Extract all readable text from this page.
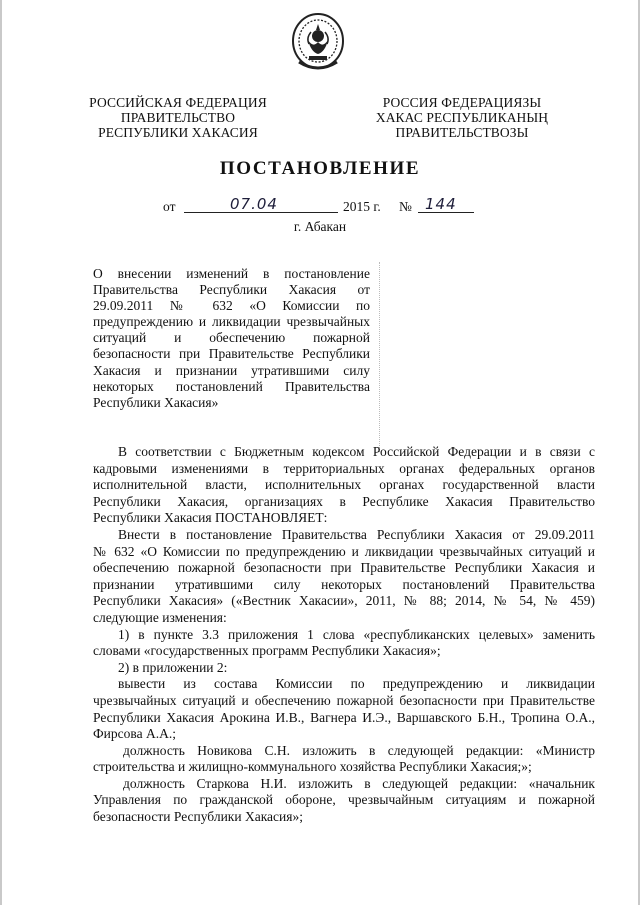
РОССИЙСКАЯ ФЕДЕРАЦИЯ
ПРАВИТЕЛЬСТВО
РЕСПУБЛИКИ ХАКАСИЯ
РОССИЯ ФЕДЕРАЦИЯЗЫ
ХАКАС РЕСПУБЛИКАНЫҢ
ПРАВИТЕЛЬСТВОЗЫ
ПОСТАНОВЛЕНИЕ
от	07.04	2015 г. № 144
г. Абакан
О внесении изменений в постановление
Правительства Республики Хакасия от
29.09.2011 № 632 «О Комиссии по
предупреждению и ликвидации чрезвычайных
ситуаций и обеспечению пожарной
безопасности при Правительстве Республики
Хакасия и признании утратившими силу
некоторых постановлений Правительства
Республики Хакасия»
В соответствии с Бюджетным кодексом Российской Федерации и в связи с
кадровыми изменениями в территориальных органах федеральных органов
исполнительной власти, исполнительных органах государственной власти
Республики Хакасия, организациях в Республике Хакасия Правительство
Республики Хакасия ПОСТАНОВЛЯЕТ:
Внести в постановление Правительства Республики Хакасия от 29.09.2011
№ 632 «О Комиссии по предупреждению и ликвидации чрезвычайных ситуаций и
обеспечению пожарной безопасности при Правительстве Республики Хакасия и
признании утратившими силу некоторых постановлений Правительства
Республики Хакасия» («Вестник Хакасии», 2011, № 88; 2014, № 54, № 459)
следующие изменения:
1) в пункте 3.3 приложения 1 слова «республиканских целевых» заменить
словами «государственных программ Республики Хакасия»;
2) в приложении 2:
вывести из состава Комиссии по предупреждению и ликвидации
чрезвычайных ситуаций и обеспечению пожарной безопасности при Правительстве
Республики Хакасия Арокина И.В., Вагнера И.Э., Варшавского Б.Н., Тропина О.А.,
Фирсова А.А.;
должность Новикова С.Н. изложить в следующей редакции: «Министр
строительства и жилищно-коммунального хозяйства Республики Хакасия;»;
должность Старкова Н.И. изложить в следующей редакции: «начальник
Управления по гражданской обороне, чрезвычайным ситуациям и пожарной
безопасности Республики Хакасия»;
